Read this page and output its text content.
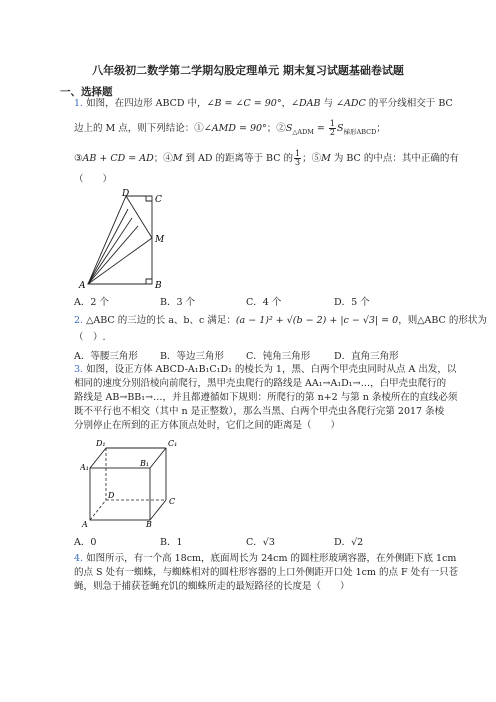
八年级初二数学第二学期勾股定理单元 期末复习试题基础卷试题
一、选择题
1. 如图，在四边形 ABCD 中，∠B = ∠C = 90°，∠DAB 与 ∠ADC 的平分线相交于 BC
边上的 M 点，则下列结论：①∠AMD = 90°；$②S_{\triangle ADM} = \frac{1}{2} S_{梯形ABCD}$；
③AB + CD = AD；④M 到 AD 的距离等于 BC 的 $\frac{1}{3}$ ；⑤M 为 BC 的中点：其中正确的有
（　　）
D
C
M
A	B
A．2 个	B．3 个	C．4 个	D．5 个
2. △ABC 的三边的长 a、b、c 满足：(a − 1)² + √(b − 2) + |c − √3| = 0，则△ABC 的形状为
（　）.
A．等腰三角形 B．等边三角形 C．钝角三角形 D．直角三角形
3. 如图，设正方体 ABCD-A₁B₁C₁D₁ 的棱长为 1，黑、白两个甲壳虫同时从点 A 出发，以
相同的速度分别沿棱向前爬行，黑甲壳虫爬行的路线是 AA₁→A₁D₁→…，白甲壳虫爬行的
路线是 AB→BB₁→…，并且都遵循如下规则：所爬行的第 n+2 与第 n 条棱所在的直线必须
既不平行也不相交（其中 n 是正整数），那么当黑、白两个甲壳虫各爬行完第 2017 条棱
分别停止在所到的正方体顶点处时，它们之间的距离是（　　）
D₁	C₁
A₁	B₁
D
C
A	B
A．0	B．1	C．√3	D．√2
4. 如图所示，有一个高 18cm，底面周长为 24cm 的圆柱形玻璃容器，在外侧距下底 1cm
的点 S 处有一蜘蛛，与蜘蛛相对的圆柱形容器的上口外侧距开口处 1cm 的点 F 处有一只苍
蝇，则急于捕获苍蝇充饥的蜘蛛所走的最短路径的长度是（　　）
